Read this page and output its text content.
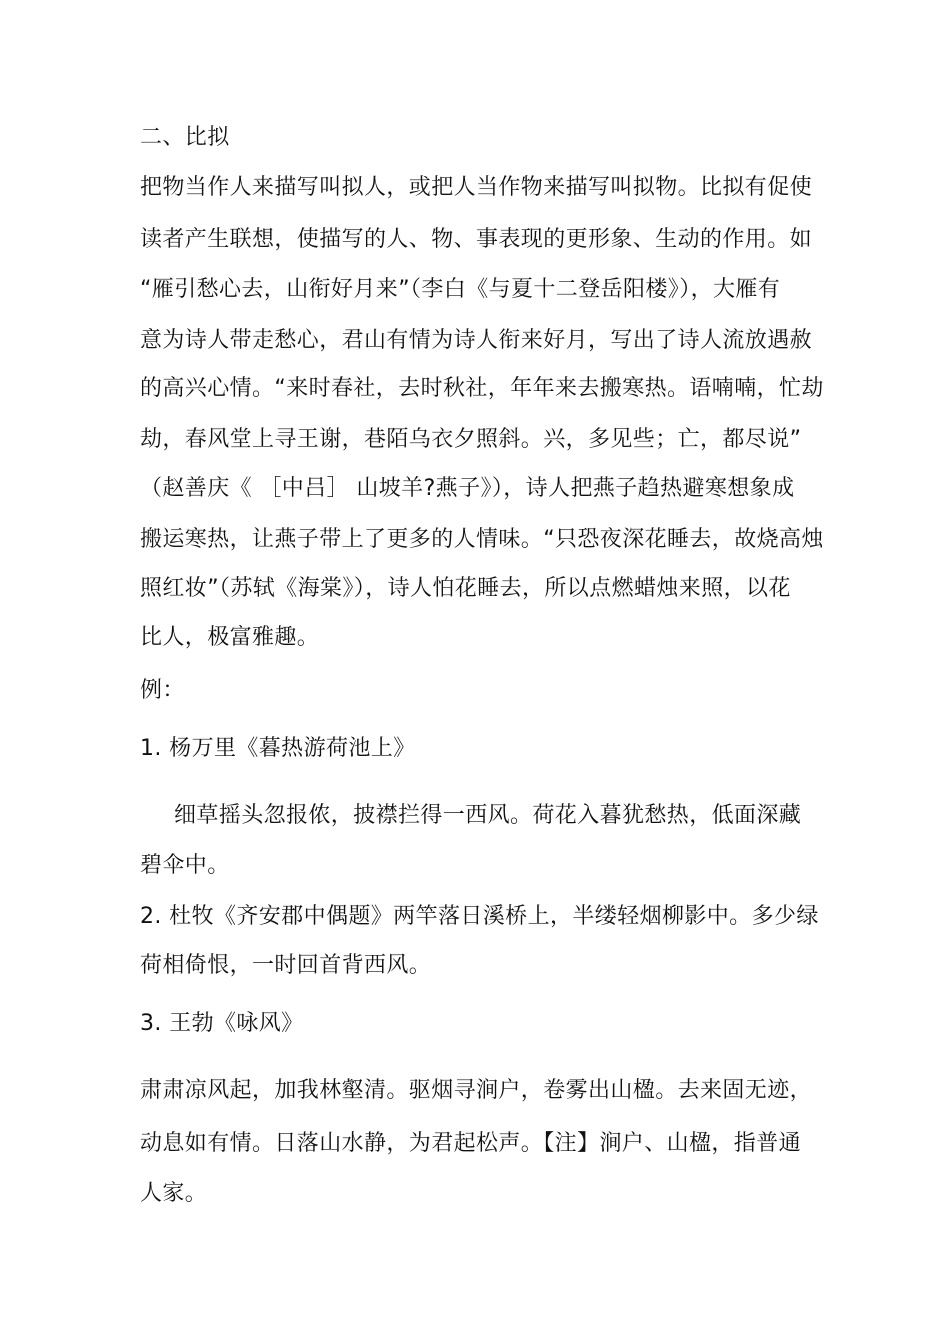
二、比拟
把物当作人来描写叫拟人，或把人当作物来描写叫拟物。比拟有促使
读者产生联想，使描写的人、物、事表现的更形象、生动的作用。如
“雁引愁心去，山衔好月来”（李白《与夏十二登岳阳楼》），大雁有
意为诗人带走愁心，君山有情为诗人衔来好月，写出了诗人流放遇赦
的高兴心情。“来时春社，去时秋社，年年来去搬寒热。语喃喃，忙劫
劫，春风堂上寻王谢，巷陌乌衣夕照斜。兴，多见些；亡，都尽说”
（赵善庆《 ［中吕］ 山坡羊?燕子》），诗人把燕子趋热避寒想象成
搬运寒热，让燕子带上了更多的人情味。“只恐夜深花睡去，故烧高烛
照红妆”（苏轼《海棠》），诗人怕花睡去，所以点燃蜡烛来照，以花
比人，极富雅趣。
例：
1. 杨万里《暮热游荷池上》
细草摇头忽报侬，披襟拦得一西风。荷花入暮犹愁热，低面深藏
碧伞中。
2. 杜牧《齐安郡中偶题》两竿落日溪桥上，半缕轻烟柳影中。多少绿
荷相倚恨，一时回首背西风。
3. 王勃《咏风》
肃肃凉风起，加我林壑清。驱烟寻涧户，卷雾出山楹。去来固无迹，
动息如有情。日落山水静，为君起松声。【注】涧户、山楹，指普通
人家。
